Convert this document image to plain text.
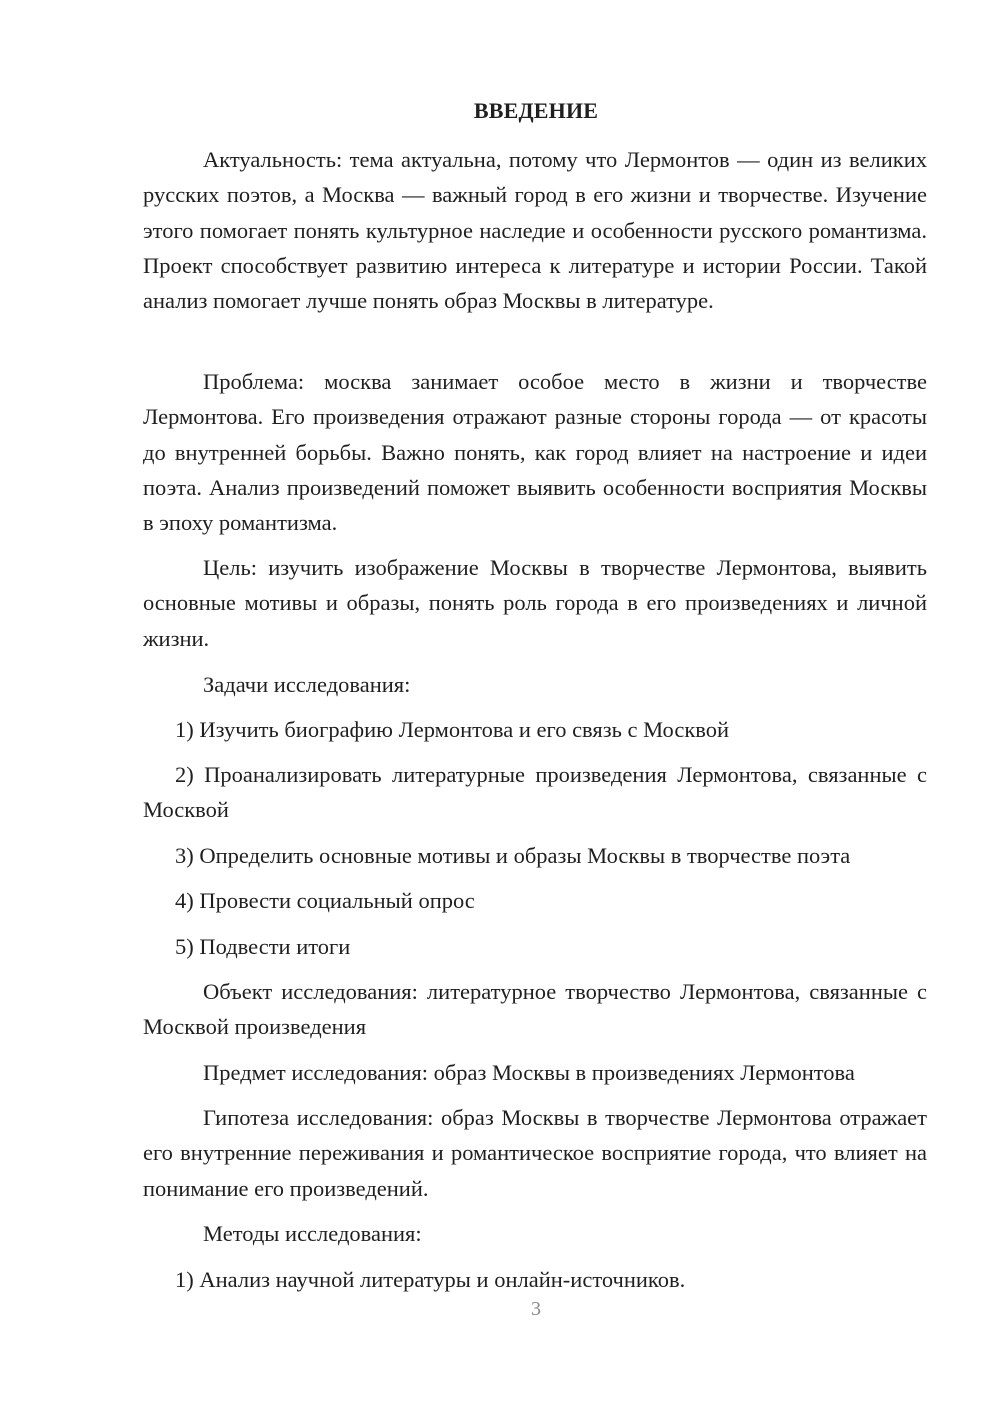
ВВЕДЕНИЕ

Актуальность: тема актуальна, потому что Лермонтов — один из великих русских поэтов, а Москва — важный город в его жизни и творчестве. Изучение этого помогает понять культурное наследие и особенности русского романтизма. Проект способствует развитию интереса к литературе и истории России. Такой анализ помогает лучше понять образ Москвы в литературе.

Проблема: москва занимает особое место в жизни и творчестве Лермонтова. Его произведения отражают разные стороны города — от красоты до внутренней борьбы. Важно понять, как город влияет на настроение и идеи поэта. Анализ произведений поможет выявить особенности восприятия Москвы в эпоху романтизма.

Цель: изучить изображение Москвы в творчестве Лермонтова, выявить основные мотивы и образы, понять роль города в его произведениях и личной жизни.

Задачи исследования:

1) Изучить биографию Лермонтова и его связь с Москвой

2) Проанализировать литературные произведения Лермонтова, связанные с Москвой

3) Определить основные мотивы и образы Москвы в творчестве поэта

4) Провести социальный опрос

5) Подвести итоги

Объект исследования: литературное творчество Лермонтова, связанные с Москвой произведения

Предмет исследования: образ Москвы в произведениях Лермонтова

Гипотеза исследования: образ Москвы в творчестве Лермонтова отражает его внутренние переживания и романтическое восприятие города, что влияет на понимание его произведений.

Методы исследования:

1) Анализ научной литературы и онлайн-источников.

3
